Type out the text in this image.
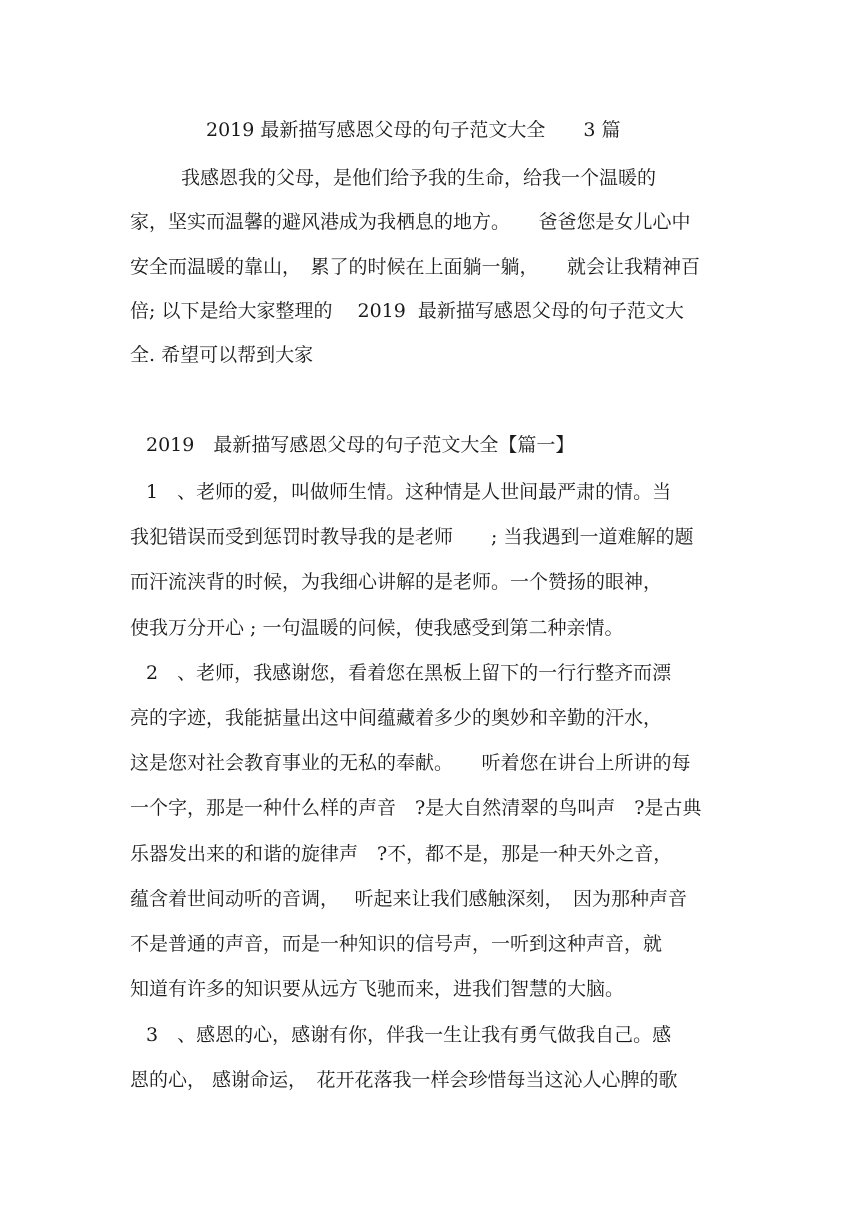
2019 最新描写感恩父母的句子范文大全　　3 篇
我感恩我的父母，是他们给予我的生命，给我一个温暖的
家，坚实而温馨的避风港成为我栖息的地方。　　爸爸您是女儿心中
安全而温暖的靠山，　累了的时候在上面躺一躺，　　就会让我精神百
倍; 以下是给大家整理的　 2019  最新描写感恩父母的句子范文大
全. 希望可以帮到大家
2019　最新描写感恩父母的句子范文大全【篇一】
1　、老师的爱，叫做师生情。这种情是人世间最严肃的情。当
我犯错误而受到惩罚时教导我的是老师　　; 当我遇到一道难解的题
而汗流浃背的时候，为我细心讲解的是老师。一个赞扬的眼神，
使我万分开心 ; 一句温暖的问候，使我感受到第二种亲情。
2　、老师，我感谢您，看着您在黑板上留下的一行行整齐而漂
亮的字迹，我能掂量出这中间蕴藏着多少的奥妙和辛勤的汗水，
这是您对社会教育事业的无私的奉献。　　听着您在讲台上所讲的每
一个字，那是一种什么样的声音　?是大自然清翠的鸟叫声　?是古典
乐器发出来的和谐的旋律声　?不，都不是，那是一种天外之音，
蕴含着世间动听的音调，　 听起来让我们感触深刻，　因为那种声音
不是普通的声音，而是一种知识的信号声，一听到这种声音，就
知道有许多的知识要从远方飞驰而来，进我们智慧的大脑。
3　、感恩的心，感谢有你，伴我一生让我有勇气做我自己。感
恩的心， 感谢命运，　花开花落我一样会珍惜每当这沁人心脾的歌
